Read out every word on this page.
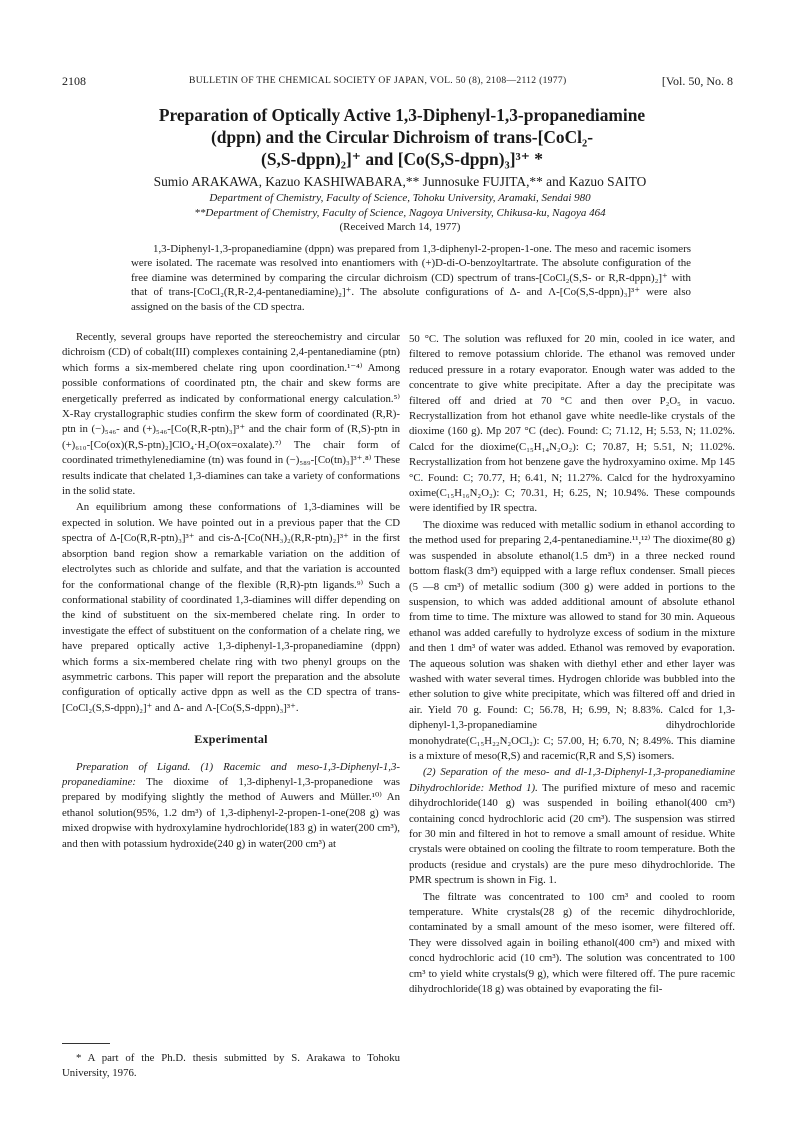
2108	BULLETIN OF THE CHEMICAL SOCIETY OF JAPAN, VOL. 50 (8), 2108—2112 (1977)	[Vol. 50, No. 8
Preparation of Optically Active 1,3-Diphenyl-1,3-propanediamine
(dppn) and the Circular Dichroism of trans-[CoCl₂-
(S,S-dppn)₂]⁺ and [Co(S,S-dppn)₃]³⁺ *
Sumio ARAKAWA, Kazuo KASHIWABARA,** Junnosuke FUJITA,** and Kazuo SAITO
Department of Chemistry, Faculty of Science, Tohoku University, Aramaki, Sendai 980
**Department of Chemistry, Faculty of Science, Nagoya University, Chikusa-ku, Nagoya 464
(Received March 14, 1977)

1,3-Diphenyl-1,3-propanediamine (dppn) was prepared from 1,3-diphenyl-2-propen-1-one. The meso and racemic isomers were isolated. The racemate was resolved into enantiomers with (+)D-di-O-benzoyltartrate. The absolute configuration of the free diamine was determined by comparing the circular dichroism (CD) spectrum of trans-[CoCl₂(S,S- or R,R-dppn)₂]⁺ with that of trans-[CoCl₂(R,R-2,4-pentanediamine)₂]⁺. The absolute configurations of Δ- and Λ-[Co(S,S-dppn)₃]³⁺ were also assigned on the basis of the CD spectra.

Recently, several groups have reported the stereochemistry and circular dichroism (CD) of cobalt(III) complexes containing 2,4-pentanediamine (ptn) which forms a six-membered chelate ring upon coordination.¹⁻⁴⁾ Among possible conformations of coordinated ptn, the chair and skew forms are energetically preferred as indicated by conformational energy calculation.⁵⁾ X-Ray crystallographic studies confirm the skew form of coordinated (R,R)-ptn in (−)₅₄₆- and (+)₅₄₆-[Co(R,R-ptn)₃]³⁺ and the chair form of (R,S)-ptn in (+)₆₁₀-[Co(ox)(R,S-ptn)₂]ClO₄·H₂O(ox=oxalate).⁷⁾ The chair form of coordinated trimethylenediamine (tn) was found in (−)₅₈₉-[Co(tn)₃]³⁺.⁸⁾ These results indicate that chelated 1,3-diamines can take a variety of conformations in the solid state.

An equilibrium among these conformations of 1,3-diamines will be expected in solution. We have pointed out in a previous paper that the CD spectra of Δ-[Co(R,R-ptn)₃]³⁺ and cis-Δ-[Co(NH₃)₂(R,R-ptn)₂]³⁺ in the first absorption band region show a remarkable variation on the addition of electrolytes such as chloride and sulfate, and that the variation is accounted for the conformational change of the flexible (R,R)-ptn ligands.⁹⁾ Such a conformational stability of coordinated 1,3-diamines will differ depending on the kind of substituent on the six-membered chelate ring. In order to investigate the effect of substituent on the conformation of a chelate ring, we have prepared optically active 1,3-diphenyl-1,3-propanediamine (dppn) which forms a six-membered chelate ring with two phenyl groups on the asymmetric carbons. This paper will report the preparation and the absolute configuration of optically active dppn as well as the CD spectra of trans-[CoCl₂(S,S-dppn)₂]⁺ and Δ- and Λ-[Co(S,S-dppn)₃]³⁺.

Experimental

Preparation of Ligand. (1) Racemic and meso-1,3-Diphenyl-1,3-propanediamine: The dioxime of 1,3-diphenyl-1,3-propanedione was prepared by modifying slightly the method of Auwers and Müller.¹⁰⁾ An ethanol solution(95%, 1.2 dm³) of 1,3-diphenyl-2-propen-1-one(208 g) was mixed dropwise with hydroxylamine hydrochloride(183 g) in water(200 cm³), and then with potassium hydroxide(240 g) in water(200 cm³) at

50 °C. The solution was refluxed for 20 min, cooled in ice water, and filtered to remove potassium chloride. The ethanol was removed under reduced pressure in a rotary evaporator. Enough water was added to the concentrate to give white precipitate. After a day the precipitate was filtered off and dried at 70 °C and then over P₂O₅ in vacuo. Recrystallization from hot ethanol gave white needle-like crystals of the dioxime (160 g). Mp 207 °C (dec). Found: C; 71.12, H; 5.53, N; 11.02%. Calcd for the dioxime(C₁₅H₁₄N₂O₂): C; 70.87, H; 5.51, N; 11.02%. Recrystallization from hot benzene gave the hydroxyamino oxime. Mp 145 °C. Found: C; 70.77, H; 6.41, N; 11.27%. Calcd for the hydroxyamino oxime(C₁₅H₁₆N₂O₂): C; 70.31, H; 6.25, N; 10.94%. These compounds were identified by IR spectra.

The dioxime was reduced with metallic sodium in ethanol according to the method used for preparing 2,4-pentanediamine.¹¹,¹²⁾ The dioxime(80 g) was suspended in absolute ethanol(1.5 dm³) in a three necked round bottom flask(3 dm³) equipped with a large reflux condenser. Small pieces (5 —8 cm³) of metallic sodium (300 g) were added in portions to the suspension, to which was added additional amount of absolute ethanol from time to time. The mixture was allowed to stand for 30 min. Aqueous ethanol was added carefully to hydrolyze excess of sodium in the mixture and then 1 dm³ of water was added. Ethanol was removed by evaporation. The aqueous solution was shaken with diethyl ether and ether layer was washed with water several times. Hydrogen chloride was bubbled into the ether solution to give white precipitate, which was filtered off and dried in air. Yield 70 g. Found: C; 56.78, H; 6.99, N; 8.83%. Calcd for 1,3-diphenyl-1,3-propanediamine dihydrochloride monohydrate(C₁₅H₂₂N₂OCl₂): C; 57.00, H; 6.70, N; 8.49%. This diamine is a mixture of meso(R,S) and racemic(R,R and S,S) isomers.

(2) Separation of the meso- and dl-1,3-Diphenyl-1,3-propanediamine Dihydrochloride: Method 1). The purified mixture of meso and racemic dihydrochloride(140 g) was suspended in boiling ethanol(400 cm³) containing concd hydrochloric acid (20 cm³). The suspension was stirred for 30 min and filtered in hot to remove a small amount of residue. White crystals were obtained on cooling the filtrate to room temperature. Both the products (residue and crystals) are the pure meso dihydrochloride. The PMR spectrum is shown in Fig. 1.

The filtrate was concentrated to 100 cm³ and cooled to room temperature. White crystals(28 g) of the recemic dihydrochloride, contaminated by a small amount of the meso isomer, were filtered off. They were dissolved again in boiling ethanol(400 cm³) and mixed with concd hydrochloric acid (10 cm³). The solution was concentrated to 100 cm³ to yield white crystals(9 g), which were filtered off. The pure racemic dihydrochloride(18 g) was obtained by evaporating the fil-

* A part of the Ph.D. thesis submitted by S. Arakawa to Tohoku University, 1976.
